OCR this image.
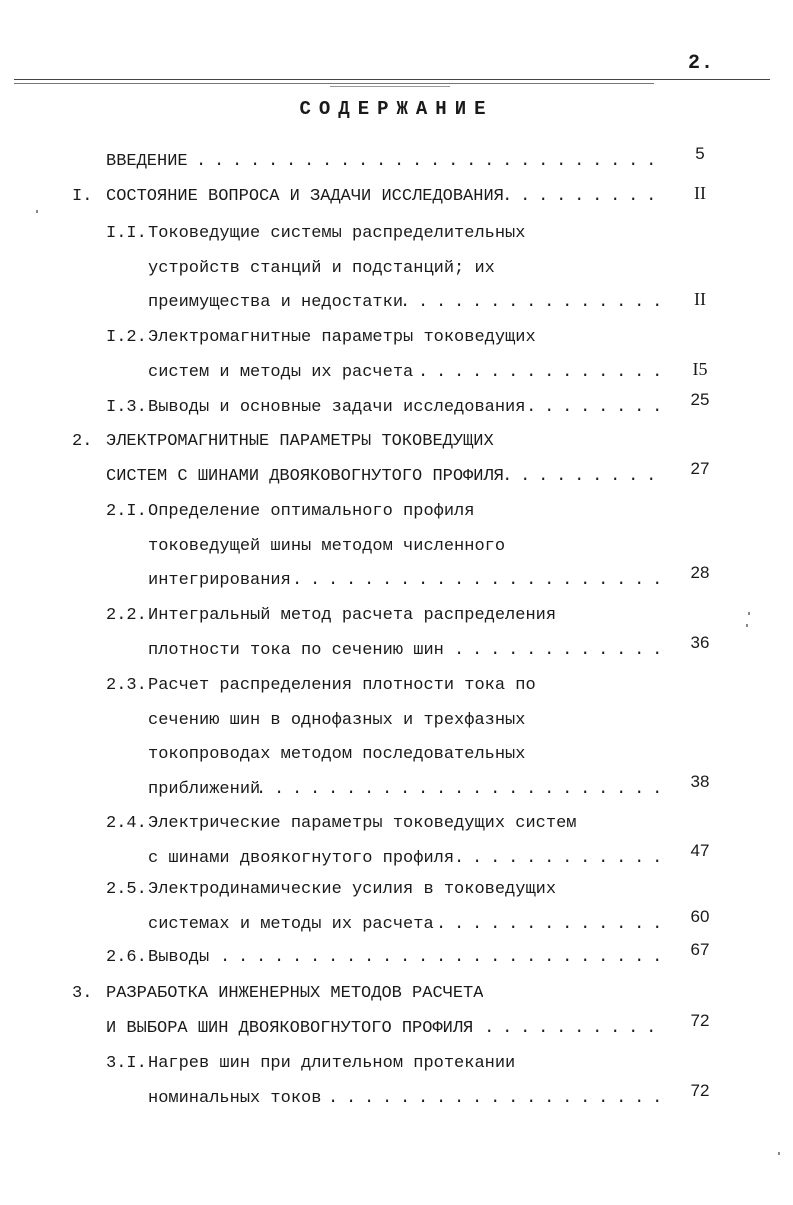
2.
СОДЕРЖАНИЕ
ВВЕДЕНИЕ . . .	5
I. СОСТОЯНИЕ ВОПРОСА И ЗАДАЧИ ИССЛЕДОВАНИЯ . . .	II
I.I. Токоведущие системы распределительных
устройств станций и подстанций; их
преимущества и недостатки . . .	II
I.2. Электромагнитные параметры токоведущих
систем и методы их расчета . . .	I5
I.3. Выводы и основные задачи исследования . . .	25
2. ЭЛЕКТРОМАГНИТНЫЕ ПАРАМЕТРЫ ТОКОВЕДУЩИХ
СИСТЕМ С ШИНАМИ ДВОЯКОВОГНУТОГО ПРОФИЛЯ . . .	27
2.I. Определение оптимального профиля
токоведущей шины методом численного
интегрирования . . .	28
2.2. Интегральный метод расчета распределения
плотности тока по сечению шин . . .	36
2.3. Расчет распределения плотности тока по
сечению шин в однофазных и трехфазных
токопроводах методом последовательных
приближений . . .	38
2.4. Электрические параметры токоведущих систем
с шинами двоякогнутого профиля . . .	47
2.5. Электродинамические усилия в токоведущих
системах и методы их расчета . . .	60
2.6. Выводы . . .	67
3. РАЗРАБОТКА ИНЖЕНЕРНЫХ МЕТОДОВ РАСЧЕТА
И ВЫБОРА ШИН ДВОЯКОВОГНУТОГО ПРОФИЛЯ . . .	72
3.I. Нагрев шин при длительном протекании
номинальных токов . . .	72
